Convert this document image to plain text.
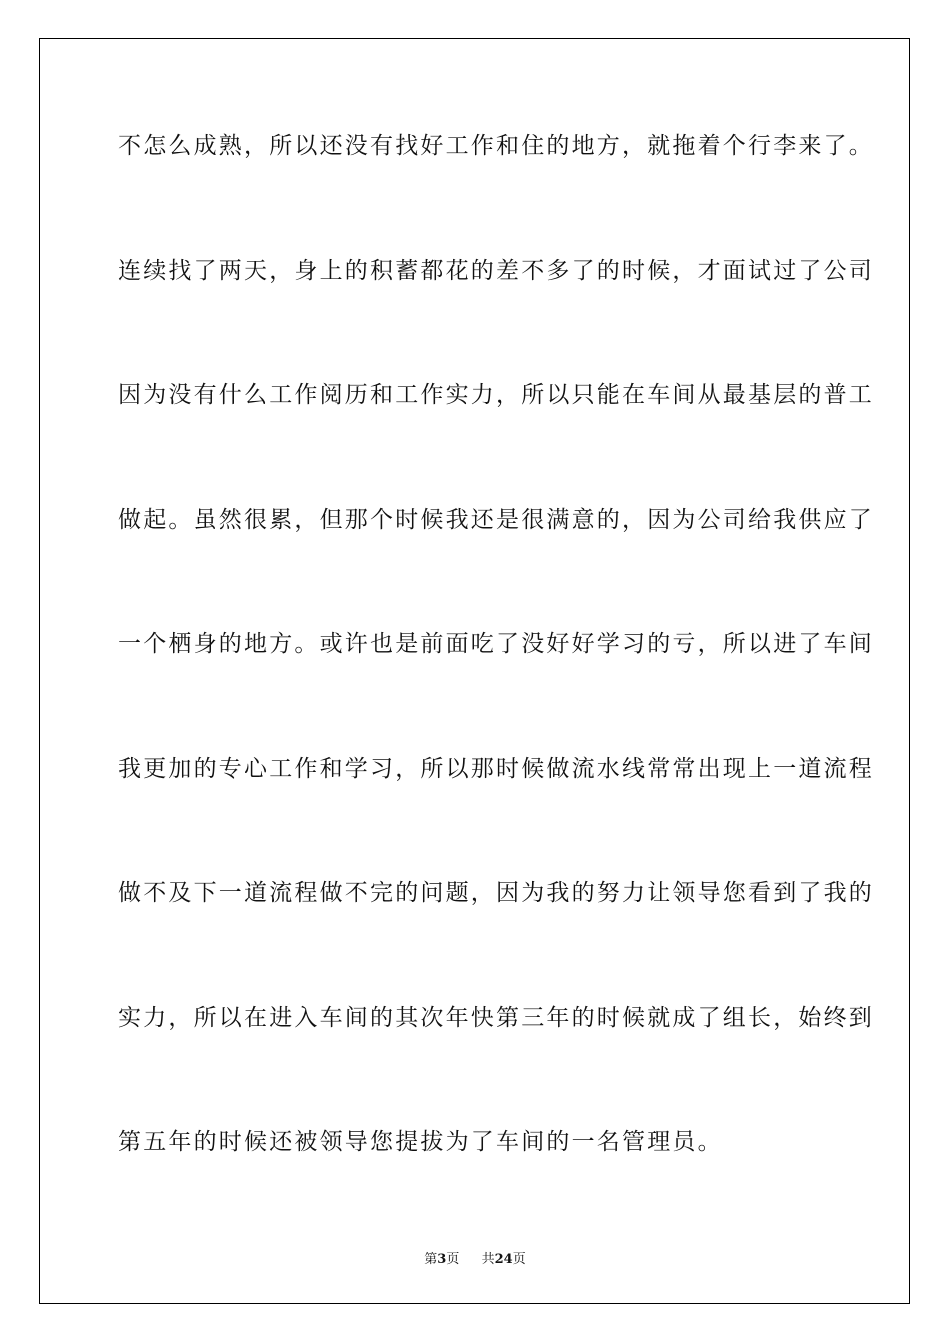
不怎么成熟，所以还没有找好工作和住的地方，就拖着个行李来了。
连续找了两天，身上的积蓄都花的差不多了的时候，才面试过了公司
因为没有什么工作阅历和工作实力，所以只能在车间从最基层的普工
做起。虽然很累，但那个时候我还是很满意的，因为公司给我供应了
一个栖身的地方。或许也是前面吃了没好好学习的亏，所以进了车间
我更加的专心工作和学习，所以那时候做流水线常常出现上一道流程
做不及下一道流程做不完的问题，因为我的努力让领导您看到了我的
实力，所以在进入车间的其次年快第三年的时候就成了组长，始终到
第五年的时候还被领导您提拔为了车间的一名管理员。
第3页 共24页
